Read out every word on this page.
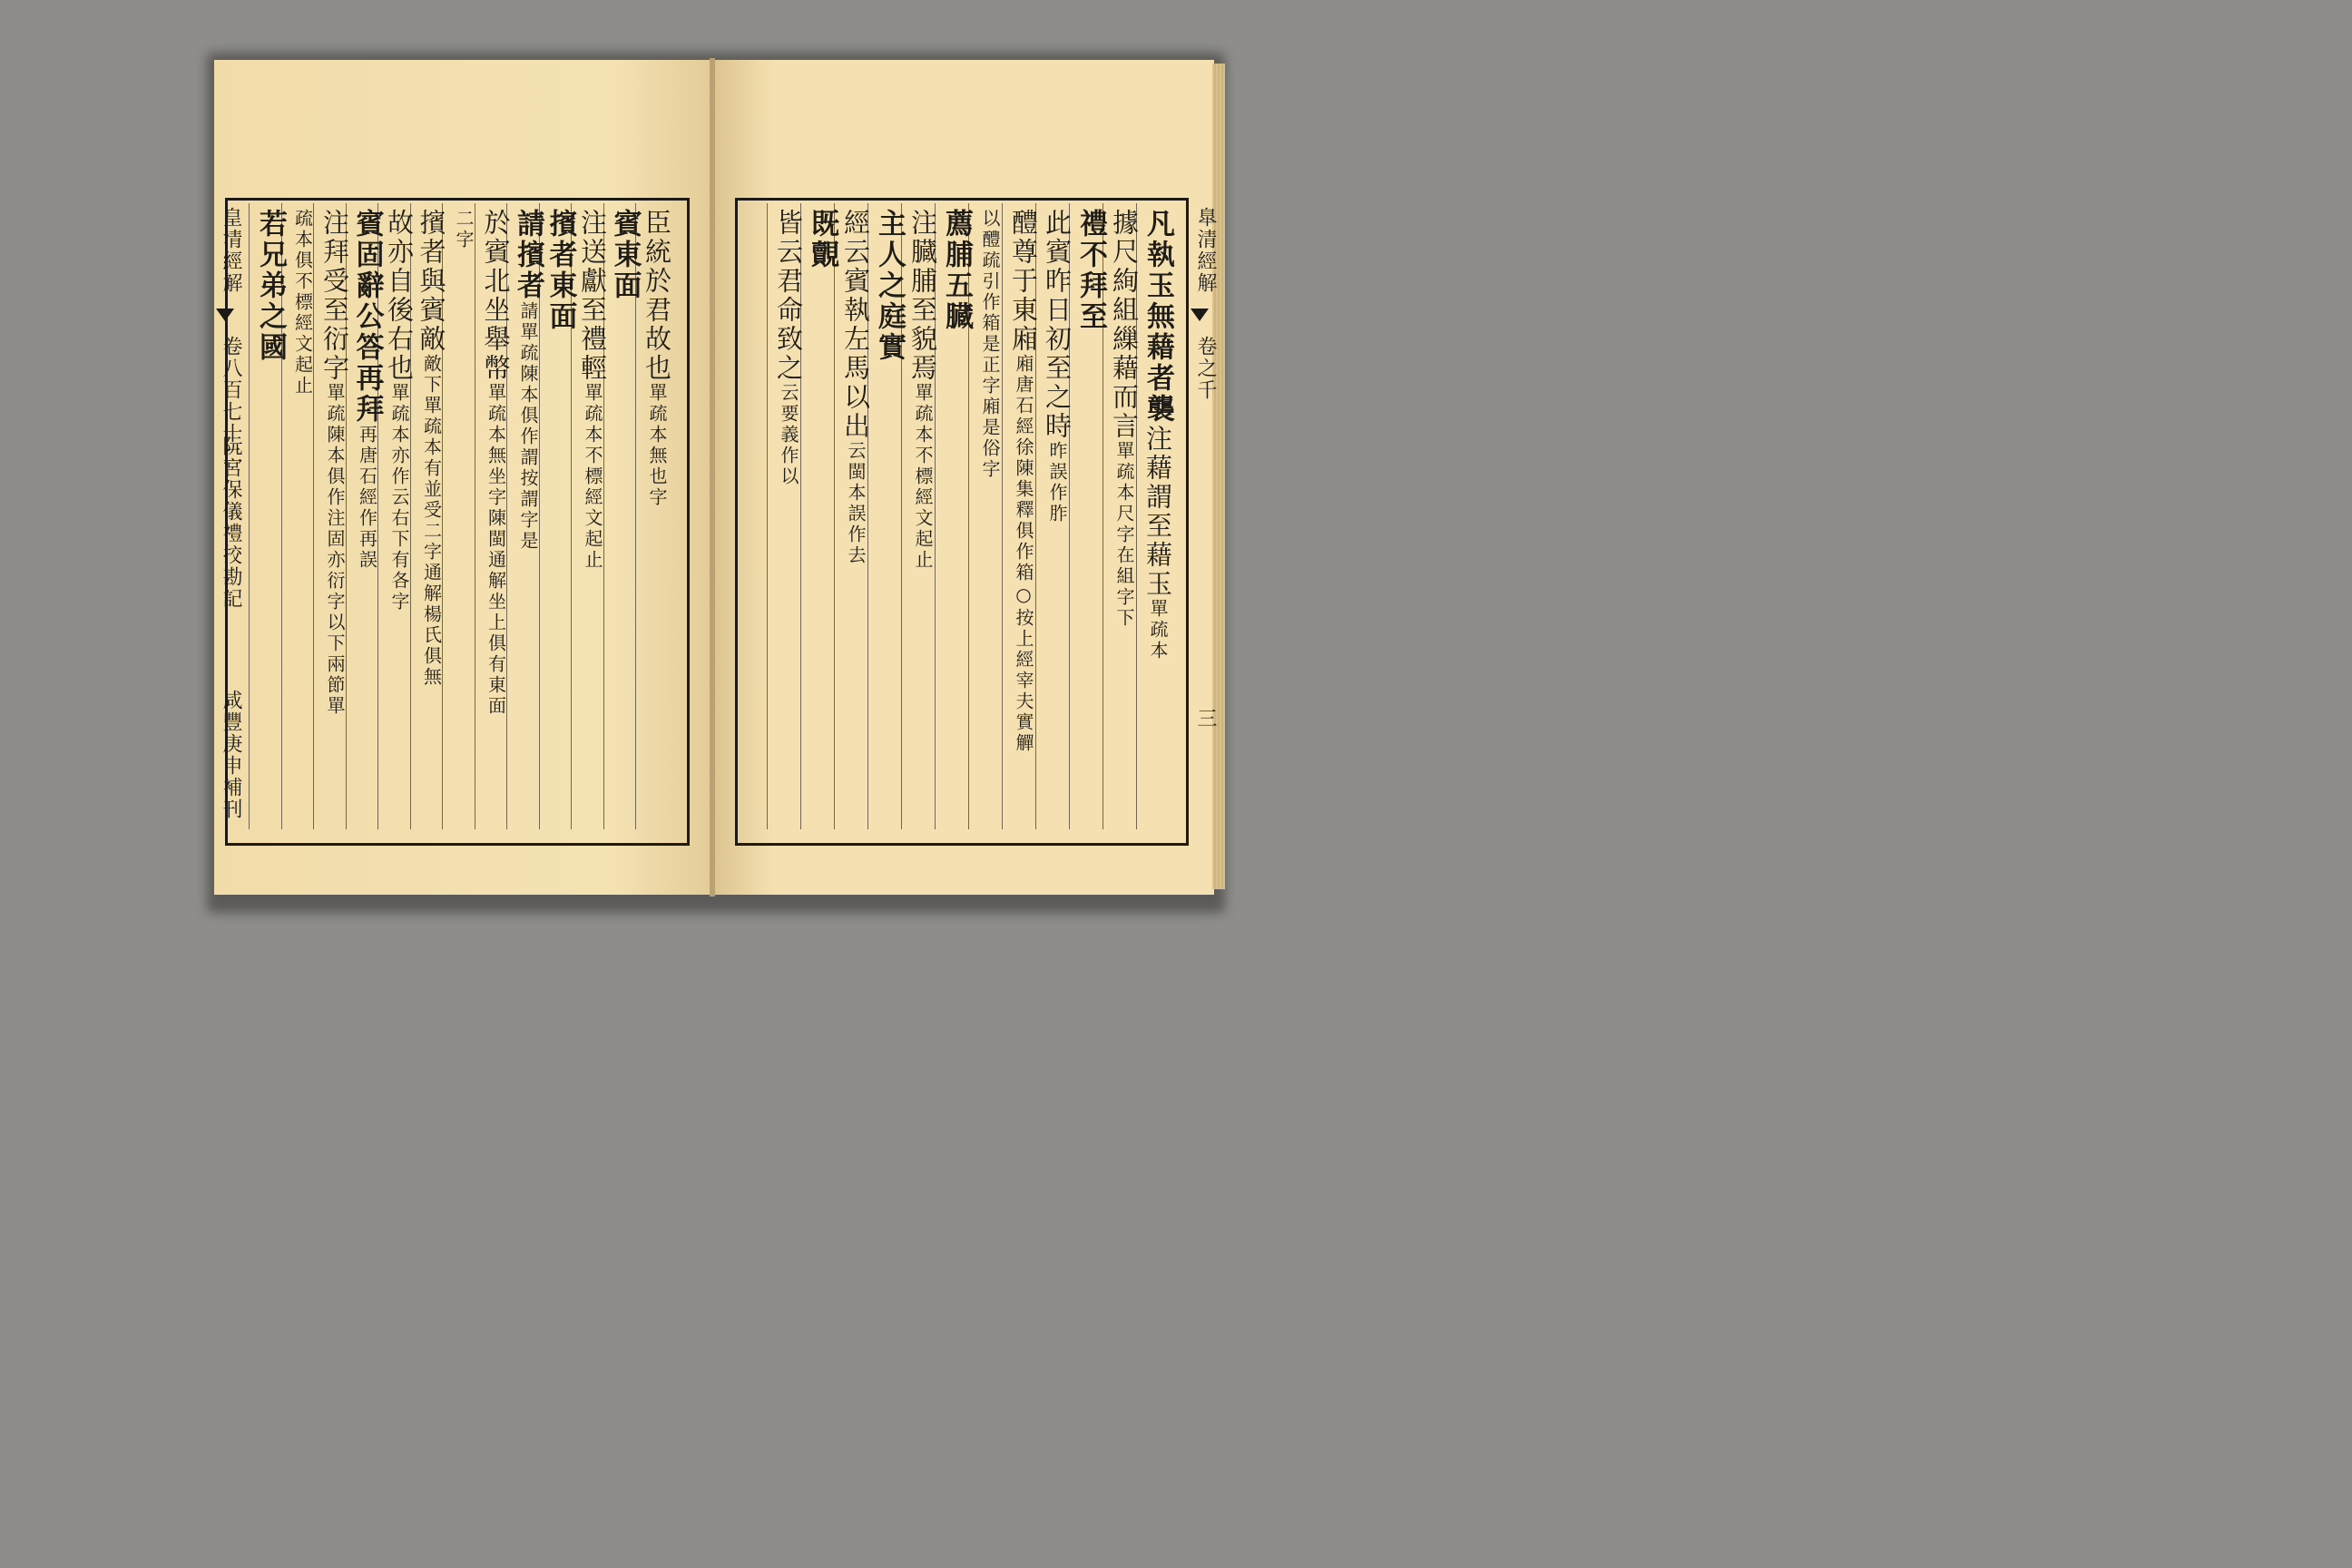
臯清經解
卷之千
三
皇清經解
卷八百七十二
阮宮保儀禮挍勘記
咸豐庚申補刊
凡執玉無藉者襲注藉謂至藉玉單疏本
據尺絢組繅藉而言單疏本尺字在組字下
禮不拜至
此賓昨日初至之時昨誤作胙
醴尊于東廂廂唐石經徐陳集釋俱作箱○按上經宰夫實觶
以醴疏引作箱是正字廂是俗字
薦脯五臓
注臓脯至貌焉單疏本不標經文起止
主人之庭實
經云賓執左馬以出云閩本誤作去
既覿
皆云君命致之云要義作以
臣統於君故也單疏本無也字
賓東面
注送獻至禮輕單疏本不標經文起止
擯者東面
請擯者請單疏陳本俱作謂按謂字是
於賓北坐舉幣單疏本無坐字陳閩通解坐上俱有東面
二字
擯者與賓敵敵下單疏本有並受二字通解楊氏俱無
故亦自後右也單疏本亦作云右下有各字
賓固辭公答再拜再唐石經作再誤
注拜受至衍字單疏陳本俱作注固亦衍字以下兩節單
疏本俱不標經文起止
若兄弟之國
